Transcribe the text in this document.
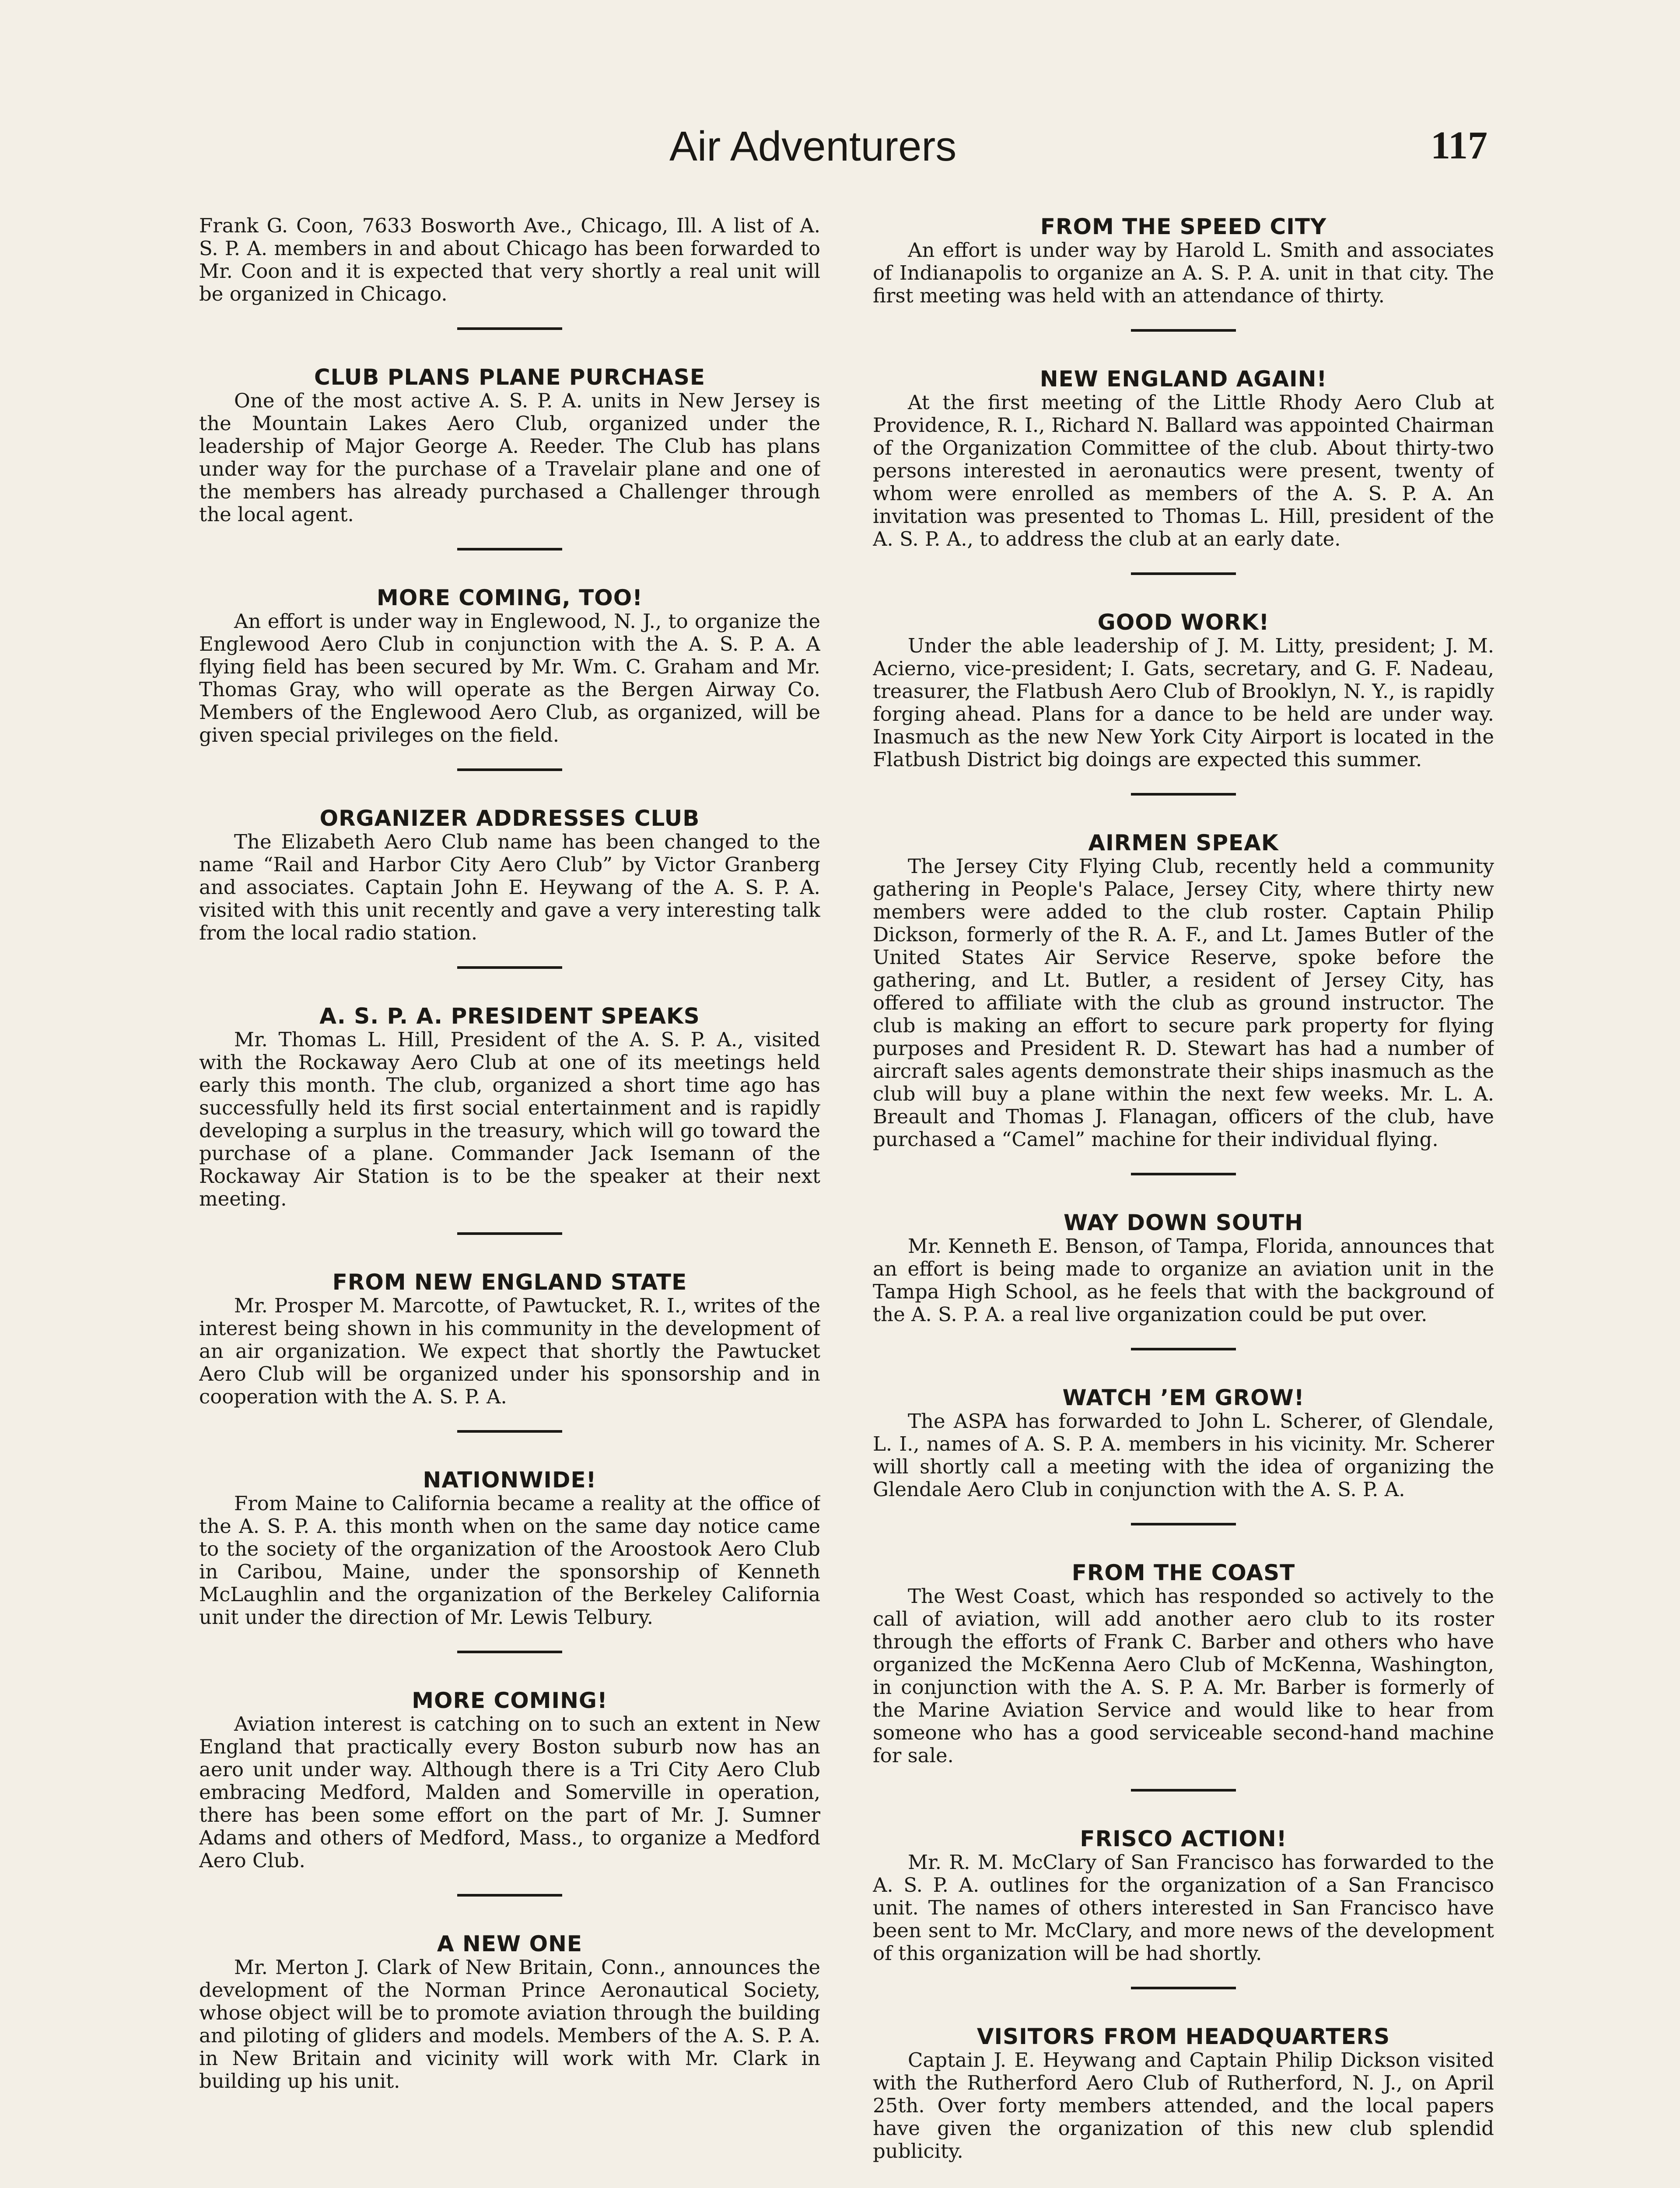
Air Adventurers	117

Frank G. Coon, 7633 Bosworth Ave., Chicago, Ill. A list of A. S. P. A. members in and about Chicago has been forwarded to Mr. Coon and it is expected that very shortly a real unit will be organized in Chicago.

CLUB PLANS PLANE PURCHASE

One of the most active A. S. P. A. units in New Jersey is the Mountain Lakes Aero Club, organized under the leadership of Major George A. Reeder. The Club has plans under way for the purchase of a Travelair plane and one of the members has already purchased a Challenger through the local agent.

MORE COMING, TOO!

An effort is under way in Englewood, N. J., to organize the Englewood Aero Club in conjunction with the A. S. P. A. A flying field has been secured by Mr. Wm. C. Graham and Mr. Thomas Gray, who will operate as the Bergen Airway Co. Members of the Englewood Aero Club, as organized, will be given special privileges on the field.

ORGANIZER ADDRESSES CLUB

The Elizabeth Aero Club name has been changed to the name “Rail and Harbor City Aero Club” by Victor Granberg and associates. Captain John E. Heywang of the A. S. P. A. visited with this unit recently and gave a very interesting talk from the local radio station.

A. S. P. A. PRESIDENT SPEAKS

Mr. Thomas L. Hill, President of the A. S. P. A., visited with the Rockaway Aero Club at one of its meetings held early this month. The club, organized a short time ago has successfully held its first social entertainment and is rapidly developing a surplus in the treasury, which will go toward the purchase of a plane. Commander Jack Isemann of the Rockaway Air Station is to be the speaker at their next meeting.

FROM NEW ENGLAND STATE

Mr. Prosper M. Marcotte, of Pawtucket, R. I., writes of the interest being shown in his community in the development of an air organization. We expect that shortly the Pawtucket Aero Club will be organized under his sponsorship and in cooperation with the A. S. P. A.

NATIONWIDE!

From Maine to California became a reality at the office of the A. S. P. A. this month when on the same day notice came to the society of the organization of the Aroostook Aero Club in Caribou, Maine, under the sponsorship of Kenneth McLaughlin and the organization of the Berkeley California unit under the direction of Mr. Lewis Telbury.

MORE COMING!

Aviation interest is catching on to such an extent in New England that practically every Boston suburb now has an aero unit under way. Although there is a Tri City Aero Club embracing Medford, Malden and Somerville in operation, there has been some effort on the part of Mr. J. Sumner Adams and others of Medford, Mass., to organize a Medford Aero Club.

A NEW ONE

Mr. Merton J. Clark of New Britain, Conn., announces the development of the Norman Prince Aeronautical Society, whose object will be to promote aviation through the building and piloting of gliders and models. Members of the A. S. P. A. in New Britain and vicinity will work with Mr. Clark in building up his unit.

FROM THE SPEED CITY

An effort is under way by Harold L. Smith and associates of Indianapolis to organize an A. S. P. A. unit in that city. The first meeting was held with an attendance of thirty.

NEW ENGLAND AGAIN!

At the first meeting of the Little Rhody Aero Club at Providence, R. I., Richard N. Ballard was appointed Chairman of the Organization Committee of the club. About thirty-two persons interested in aeronautics were present, twenty of whom were enrolled as members of the A. S. P. A. An invitation was presented to Thomas L. Hill, president of the A. S. P. A., to address the club at an early date.

GOOD WORK!

Under the able leadership of J. M. Litty, president; J. M. Acierno, vice-president; I. Gats, secretary, and G. F. Nadeau, treasurer, the Flatbush Aero Club of Brooklyn, N. Y., is rapidly forging ahead. Plans for a dance to be held are under way. Inasmuch as the new New York City Airport is located in the Flatbush District big doings are expected this summer.

AIRMEN SPEAK

The Jersey City Flying Club, recently held a community gathering in People's Palace, Jersey City, where thirty new members were added to the club roster. Captain Philip Dickson, formerly of the R. A. F., and Lt. James Butler of the United States Air Service Reserve, spoke before the gathering, and Lt. Butler, a resident of Jersey City, has offered to affiliate with the club as ground instructor. The club is making an effort to secure park property for flying purposes and President R. D. Stewart has had a number of aircraft sales agents demonstrate their ships inasmuch as the club will buy a plane within the next few weeks. Mr. L. A. Breault and Thomas J. Flanagan, officers of the club, have purchased a “Camel” machine for their individual flying.

WAY DOWN SOUTH

Mr. Kenneth E. Benson, of Tampa, Florida, announces that an effort is being made to organize an aviation unit in the Tampa High School, as he feels that with the background of the A. S. P. A. a real live organization could be put over.

WATCH ’EM GROW!

The ASPA has forwarded to John L. Scherer, of Glendale, L. I., names of A. S. P. A. members in his vicinity. Mr. Scherer will shortly call a meeting with the idea of organizing the Glendale Aero Club in conjunction with the A. S. P. A.

FROM THE COAST

The West Coast, which has responded so actively to the call of aviation, will add another aero club to its roster through the efforts of Frank C. Barber and others who have organized the McKenna Aero Club of McKenna, Washington, in conjunction with the A. S. P. A. Mr. Barber is formerly of the Marine Aviation Service and would like to hear from someone who has a good serviceable second-hand machine for sale.

FRISCO ACTION!

Mr. R. M. McClary of San Francisco has forwarded to the A. S. P. A. outlines for the organization of a San Francisco unit. The names of others interested in San Francisco have been sent to Mr. McClary, and more news of the development of this organization will be had shortly.

VISITORS FROM HEADQUARTERS

Captain J. E. Heywang and Captain Philip Dickson visited with the Rutherford Aero Club of Rutherford, N. J., on April 25th. Over forty members attended, and the local papers have given the organization of this new club splendid publicity.
